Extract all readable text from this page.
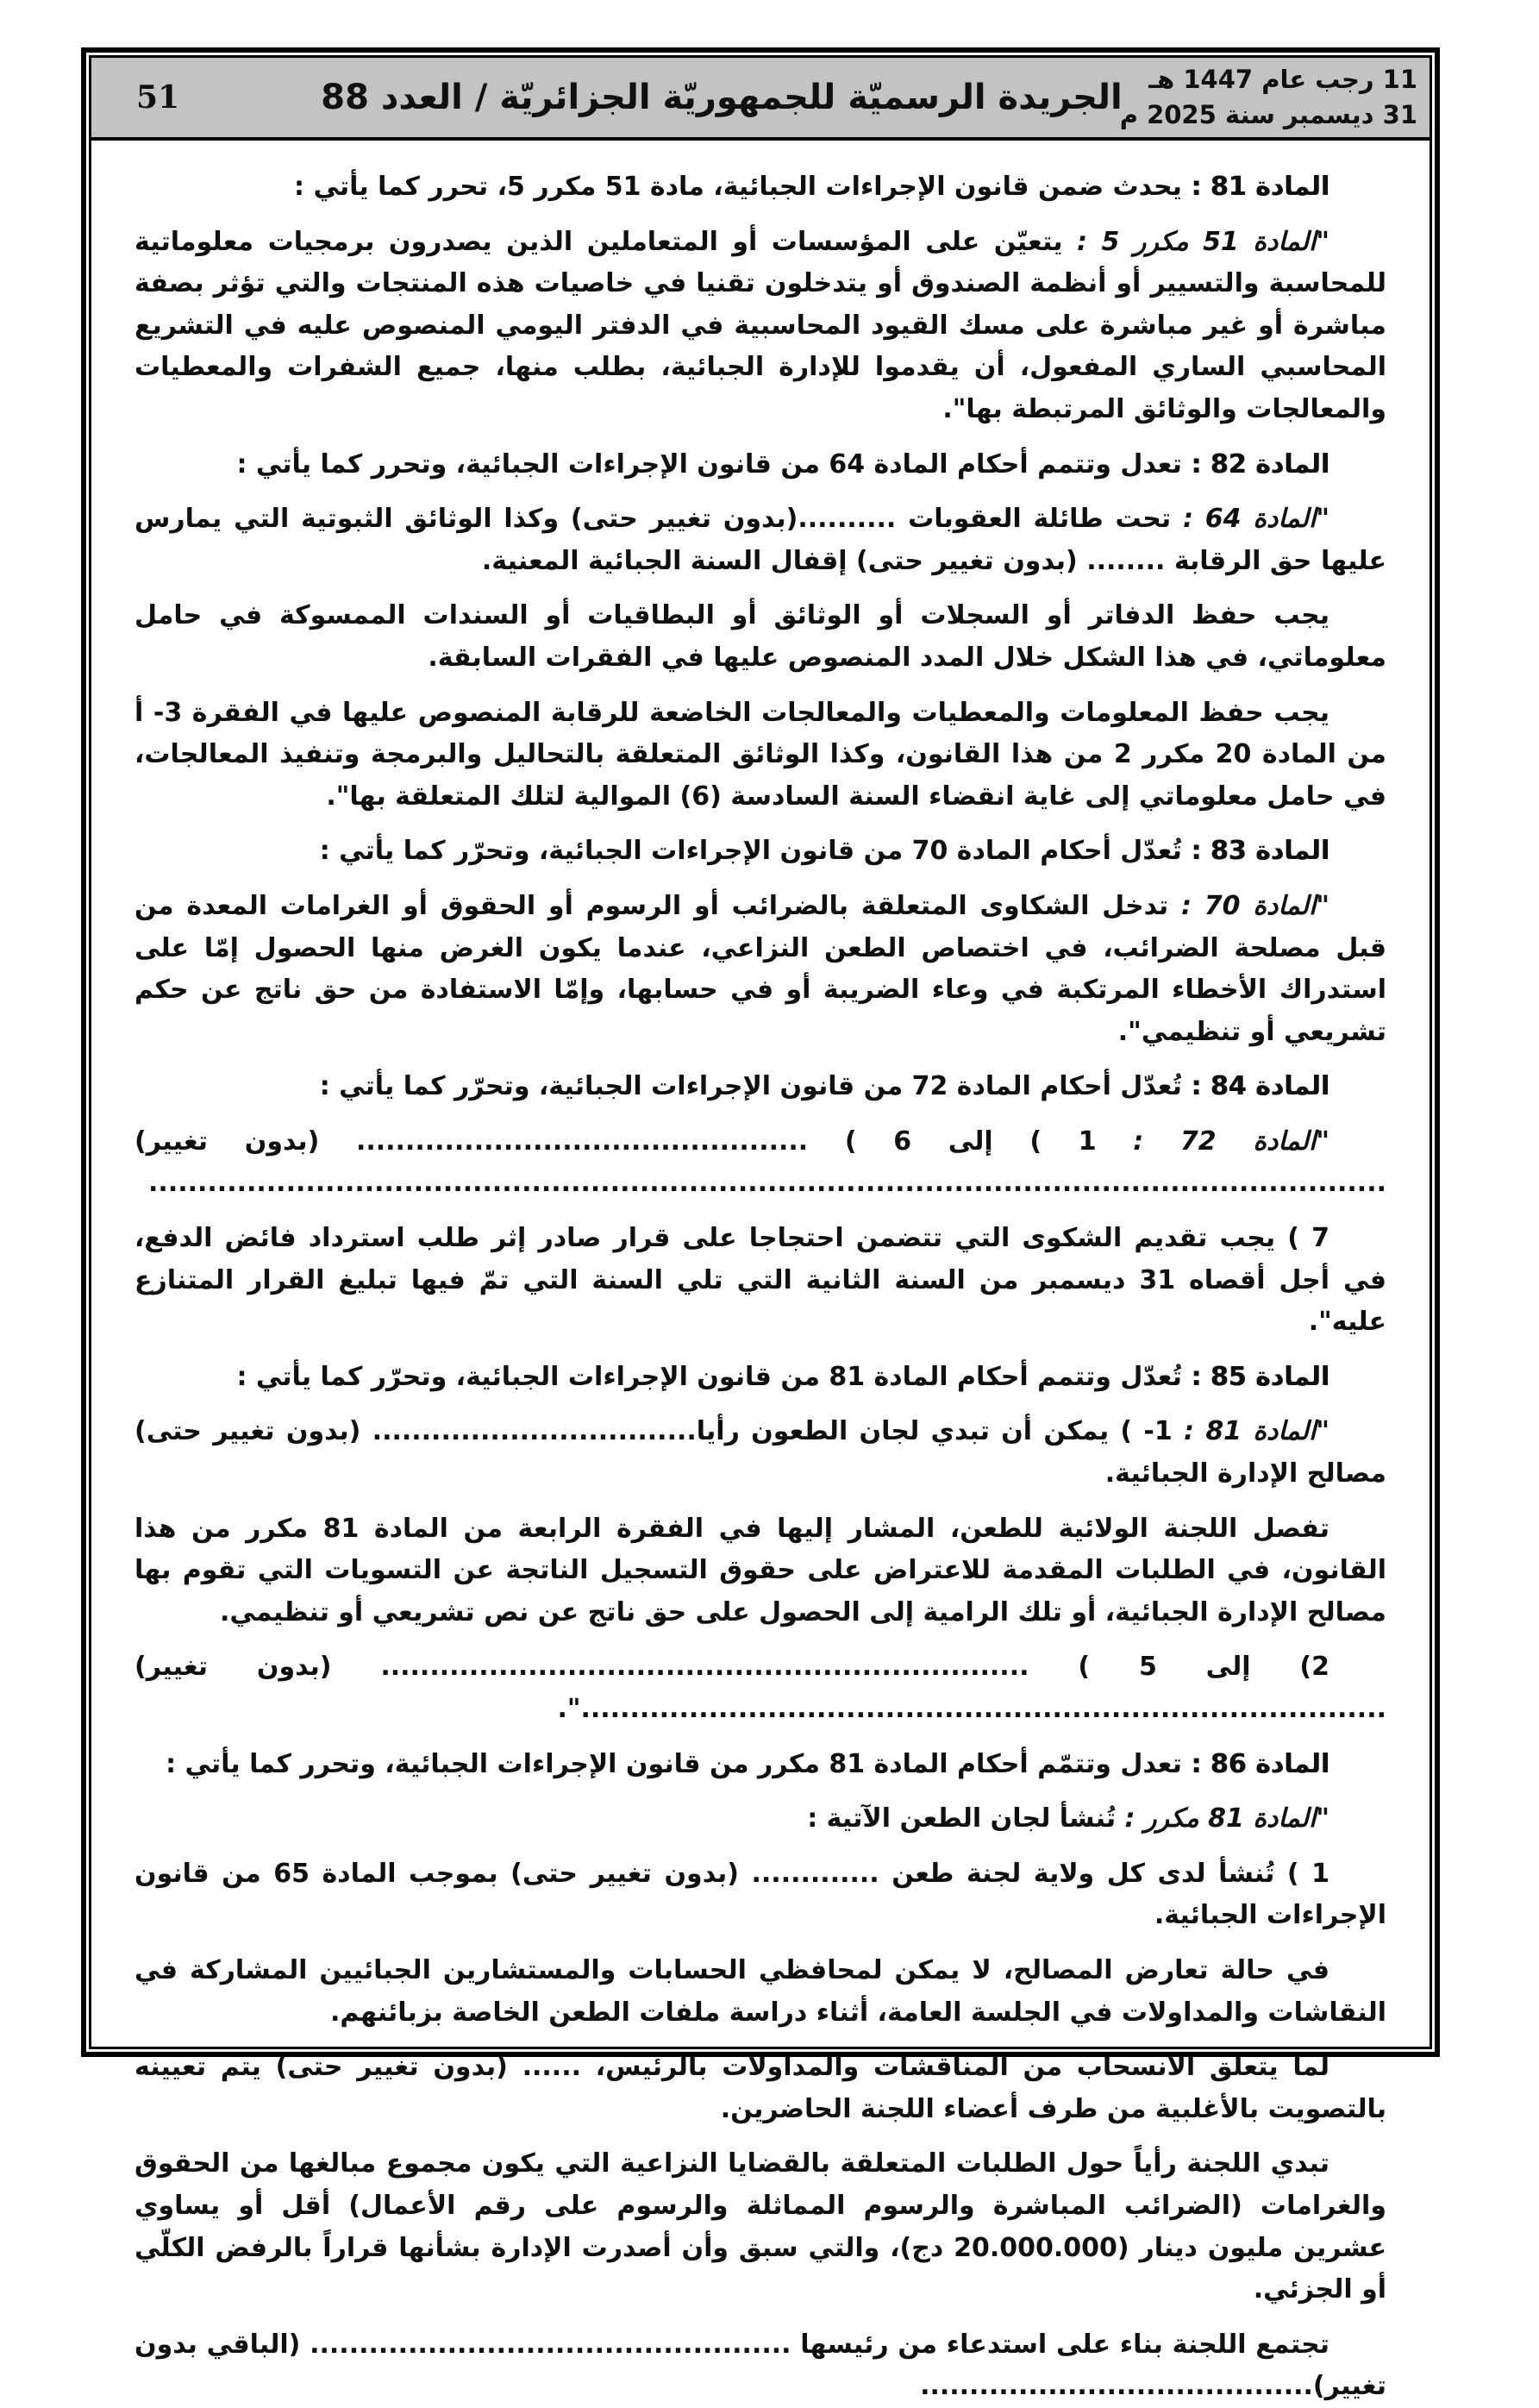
11 رجب عام 1447 هـ
31 ديسمبر سنة 2025 م
الجريدة الرسميّة للجمهوريّة الجزائريّة / العدد 88
51

المادة 81 : يحدث ضمن قانون الإجراءات الجبائية، مادة 51 مكرر 5، تحرر كما يأتي :

"المادة 51 مكرر 5 : يتعيّن على المؤسسات أو المتعاملين الذين يصدرون برمجيات معلوماتية للمحاسبة والتسيير أو أنظمة الصندوق أو يتدخلون تقنيا في خاصيات هذه المنتجات والتي تؤثر بصفة مباشرة أو غير مباشرة على مسك القيود المحاسبية في الدفتر اليومي المنصوص عليه في التشريع المحاسبي الساري المفعول، أن يقدموا للإدارة الجبائية، بطلب منها، جميع الشفرات والمعطيات والمعالجات والوثائق المرتبطة بها".

المادة 82 : تعدل وتتمم أحكام المادة 64 من قانون الإجراءات الجبائية، وتحرر كما يأتي :

"المادة 64 : تحت طائلة العقوبات ..........(بدون تغيير حتى) وكذا الوثائق الثبوتية التي يمارس عليها حق الرقابة ........ (بدون تغيير حتى) إقفال السنة الجبائية المعنية.

يجب حفظ الدفاتر أو السجلات أو الوثائق أو البطاقيات أو السندات الممسوكة في حامل معلوماتي، في هذا الشكل خلال المدد المنصوص عليها في الفقرات السابقة.

يجب حفظ المعلومات والمعطيات والمعالجات الخاضعة للرقابة المنصوص عليها في الفقرة 3- أ من المادة 20 مكرر 2 من هذا القانون، وكذا الوثائق المتعلقة بالتحاليل والبرمجة وتنفيذ المعالجات، في حامل معلوماتي إلى غاية انقضاء السنة السادسة (6) الموالية لتلك المتعلقة بها".

المادة 83 : تُعدّل أحكام المادة 70 من قانون الإجراءات الجبائية، وتحرّر كما يأتي :

"المادة 70 : تدخل الشكاوى المتعلقة بالضرائب أو الرسوم أو الحقوق أو الغرامات المعدة من قبل مصلحة الضرائب، في اختصاص الطعن النزاعي، عندما يكون الغرض منها الحصول إمّا على استدراك الأخطاء المرتكبة في وعاء الضريبة أو في حسابها، وإمّا الاستفادة من حق ناتج عن حكم تشريعي أو تنظيمي".

المادة 84 : تُعدّل أحكام المادة 72 من قانون الإجراءات الجبائية، وتحرّر كما يأتي :

"المادة 72 : 1 ) إلى 6 ) .............................................. (بدون تغيير) ..............................................................................................................................

7 ) يجب تقديم الشكوى التي تتضمن احتجاجا على قرار صادر إثر طلب استرداد فائض الدفع، في أجل أقصاه 31 ديسمبر من السنة الثانية التي تلي السنة التي تمّ فيها تبليغ القرار المتنازع عليه".

المادة 85 : تُعدّل وتتمم أحكام المادة 81 من قانون الإجراءات الجبائية، وتحرّر كما يأتي :

"المادة 81 : 1- ) يمكن أن تبدي لجان الطعون رأيا................................. (بدون تغيير حتى) مصالح الإدارة الجبائية.

تفصل اللجنة الولائية للطعن، المشار إليها في الفقرة الرابعة من المادة 81 مكرر من هذا القانون، في الطلبات المقدمة للاعتراض على حقوق التسجيل الناتجة عن التسويات التي تقوم بها مصالح الإدارة الجبائية، أو تلك الرامية إلى الحصول على حق ناتج عن نص تشريعي أو تنظيمي.

2) إلى 5 ) .................................................................. (بدون تغيير) ..................................................................................".

المادة 86 : تعدل وتتمّم أحكام المادة 81 مكرر من قانون الإجراءات الجبائية، وتحرر كما يأتي :

"المادة 81 مكرر : تُنشأ لجان الطعن الآتية :

1 ) تُنشأ لدى كل ولاية لجنة طعن ............. (بدون تغيير حتى) بموجب المادة 65 من قانون الإجراءات الجبائية.

في حالة تعارض المصالح، لا يمكن لمحافظي الحسابات والمستشارين الجبائيين المشاركة في النقاشات والمداولات في الجلسة العامة، أثناء دراسة ملفات الطعن الخاصة بزبائنهم.

لما يتعلق الانسحاب من المناقشات والمداولات بالرئيس، ...... (بدون تغيير حتى) يتم تعيينه بالتصويت بالأغلبية من طرف أعضاء اللجنة الحاضرين.

تبدي اللجنة رأياً حول الطلبات المتعلقة بالقضايا النزاعية التي يكون مجموع مبالغها من الحقوق والغرامات (الضرائب المباشرة والرسوم المماثلة والرسوم على رقم الأعمال) أقل أو يساوي عشرين مليون دينار (20.000.000 دج)، والتي سبق وأن أصدرت الإدارة بشأنها قراراً بالرفض الكلّي أو الجزئي.

تجتمع اللجنة بناء على استدعاء من رئيسها ................................................. (الباقي بدون تغيير)........................................
